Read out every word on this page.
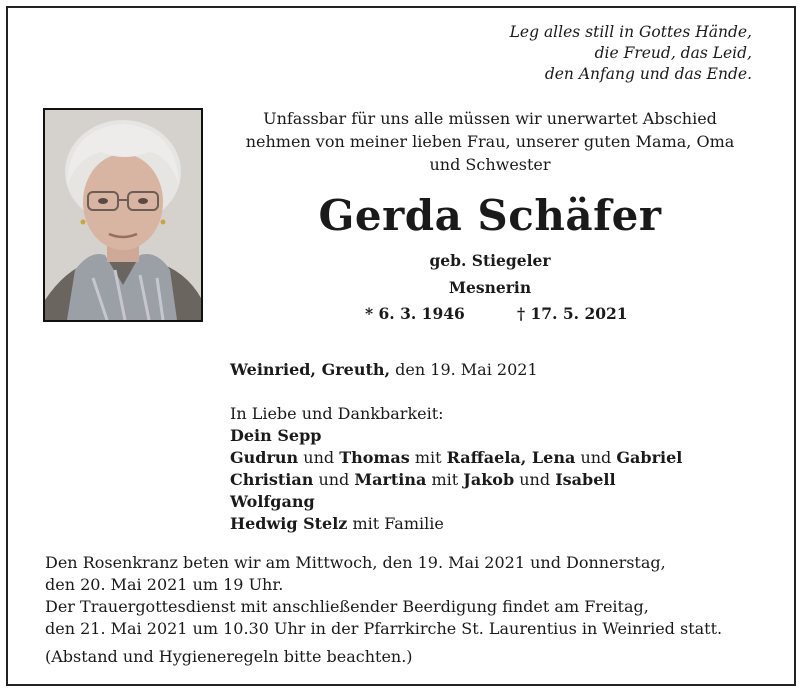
Leg alles still in Gottes Hände,
die Freud, das Leid,
den Anfang und das Ende.
Unfassbar für uns alle müssen wir unerwartet Abschied
nehmen von meiner lieben Frau, unserer guten Mama, Oma
und Schwester
Gerda Schäfer
geb. Stiegeler
Mesnerin
* 6. 3. 1946	† 17. 5. 2021
Weinried, Greuth, den 19. Mai 2021
In Liebe und Dankbarkeit:
Dein Sepp
Gudrun und Thomas mit Raffaela, Lena und Gabriel
Christian und Martina mit Jakob und Isabell
Wolfgang
Hedwig Stelz mit Familie
Den Rosenkranz beten wir am Mittwoch, den 19. Mai 2021 und Donnerstag,
den 20. Mai 2021 um 19 Uhr.
Der Trauergottesdienst mit anschließender Beerdigung findet am Freitag,
den 21. Mai 2021 um 10.30 Uhr in der Pfarrkirche St. Laurentius in Weinried statt.
(Abstand und Hygieneregeln bitte beachten.)
